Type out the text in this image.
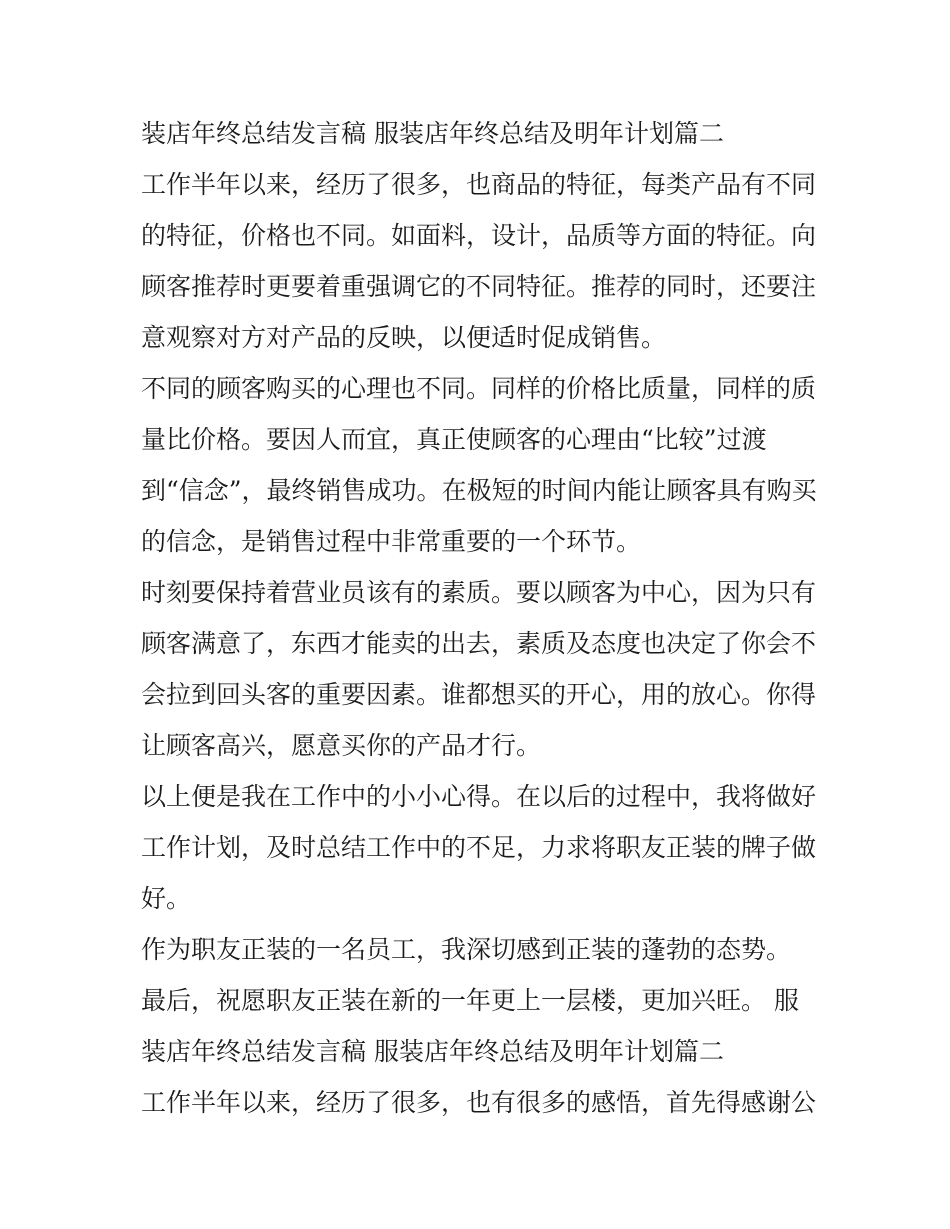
装店年终总结发言稿 服装店年终总结及明年计划篇二
工作半年以来，经历了很多，也商品的特征，每类产品有不同
的特征，价格也不同。如面料，设计，品质等方面的特征。向
顾客推荐时更要着重强调它的不同特征。推荐的同时，还要注
意观察对方对产品的反映，以便适时促成销售。
不同的顾客购买的心理也不同。同样的价格比质量，同样的质
量比价格。要因人而宜，真正使顾客的心理由“比较”过渡
到“信念”，最终销售成功。在极短的时间内能让顾客具有购买
的信念，是销售过程中非常重要的一个环节。
时刻要保持着营业员该有的素质。要以顾客为中心，因为只有
顾客满意了，东西才能卖的出去，素质及态度也决定了你会不
会拉到回头客的重要因素。谁都想买的开心，用的放心。你得
让顾客高兴，愿意买你的产品才行。
以上便是我在工作中的小小心得。在以后的过程中，我将做好
工作计划，及时总结工作中的不足，力求将职友正装的牌子做
好。
作为职友正装的一名员工，我深切感到正装的蓬勃的态势。
最后，祝愿职友正装在新的一年更上一层楼，更加兴旺。 服
装店年终总结发言稿 服装店年终总结及明年计划篇二
工作半年以来，经历了很多，也有很多的感悟，首先得感谢公
